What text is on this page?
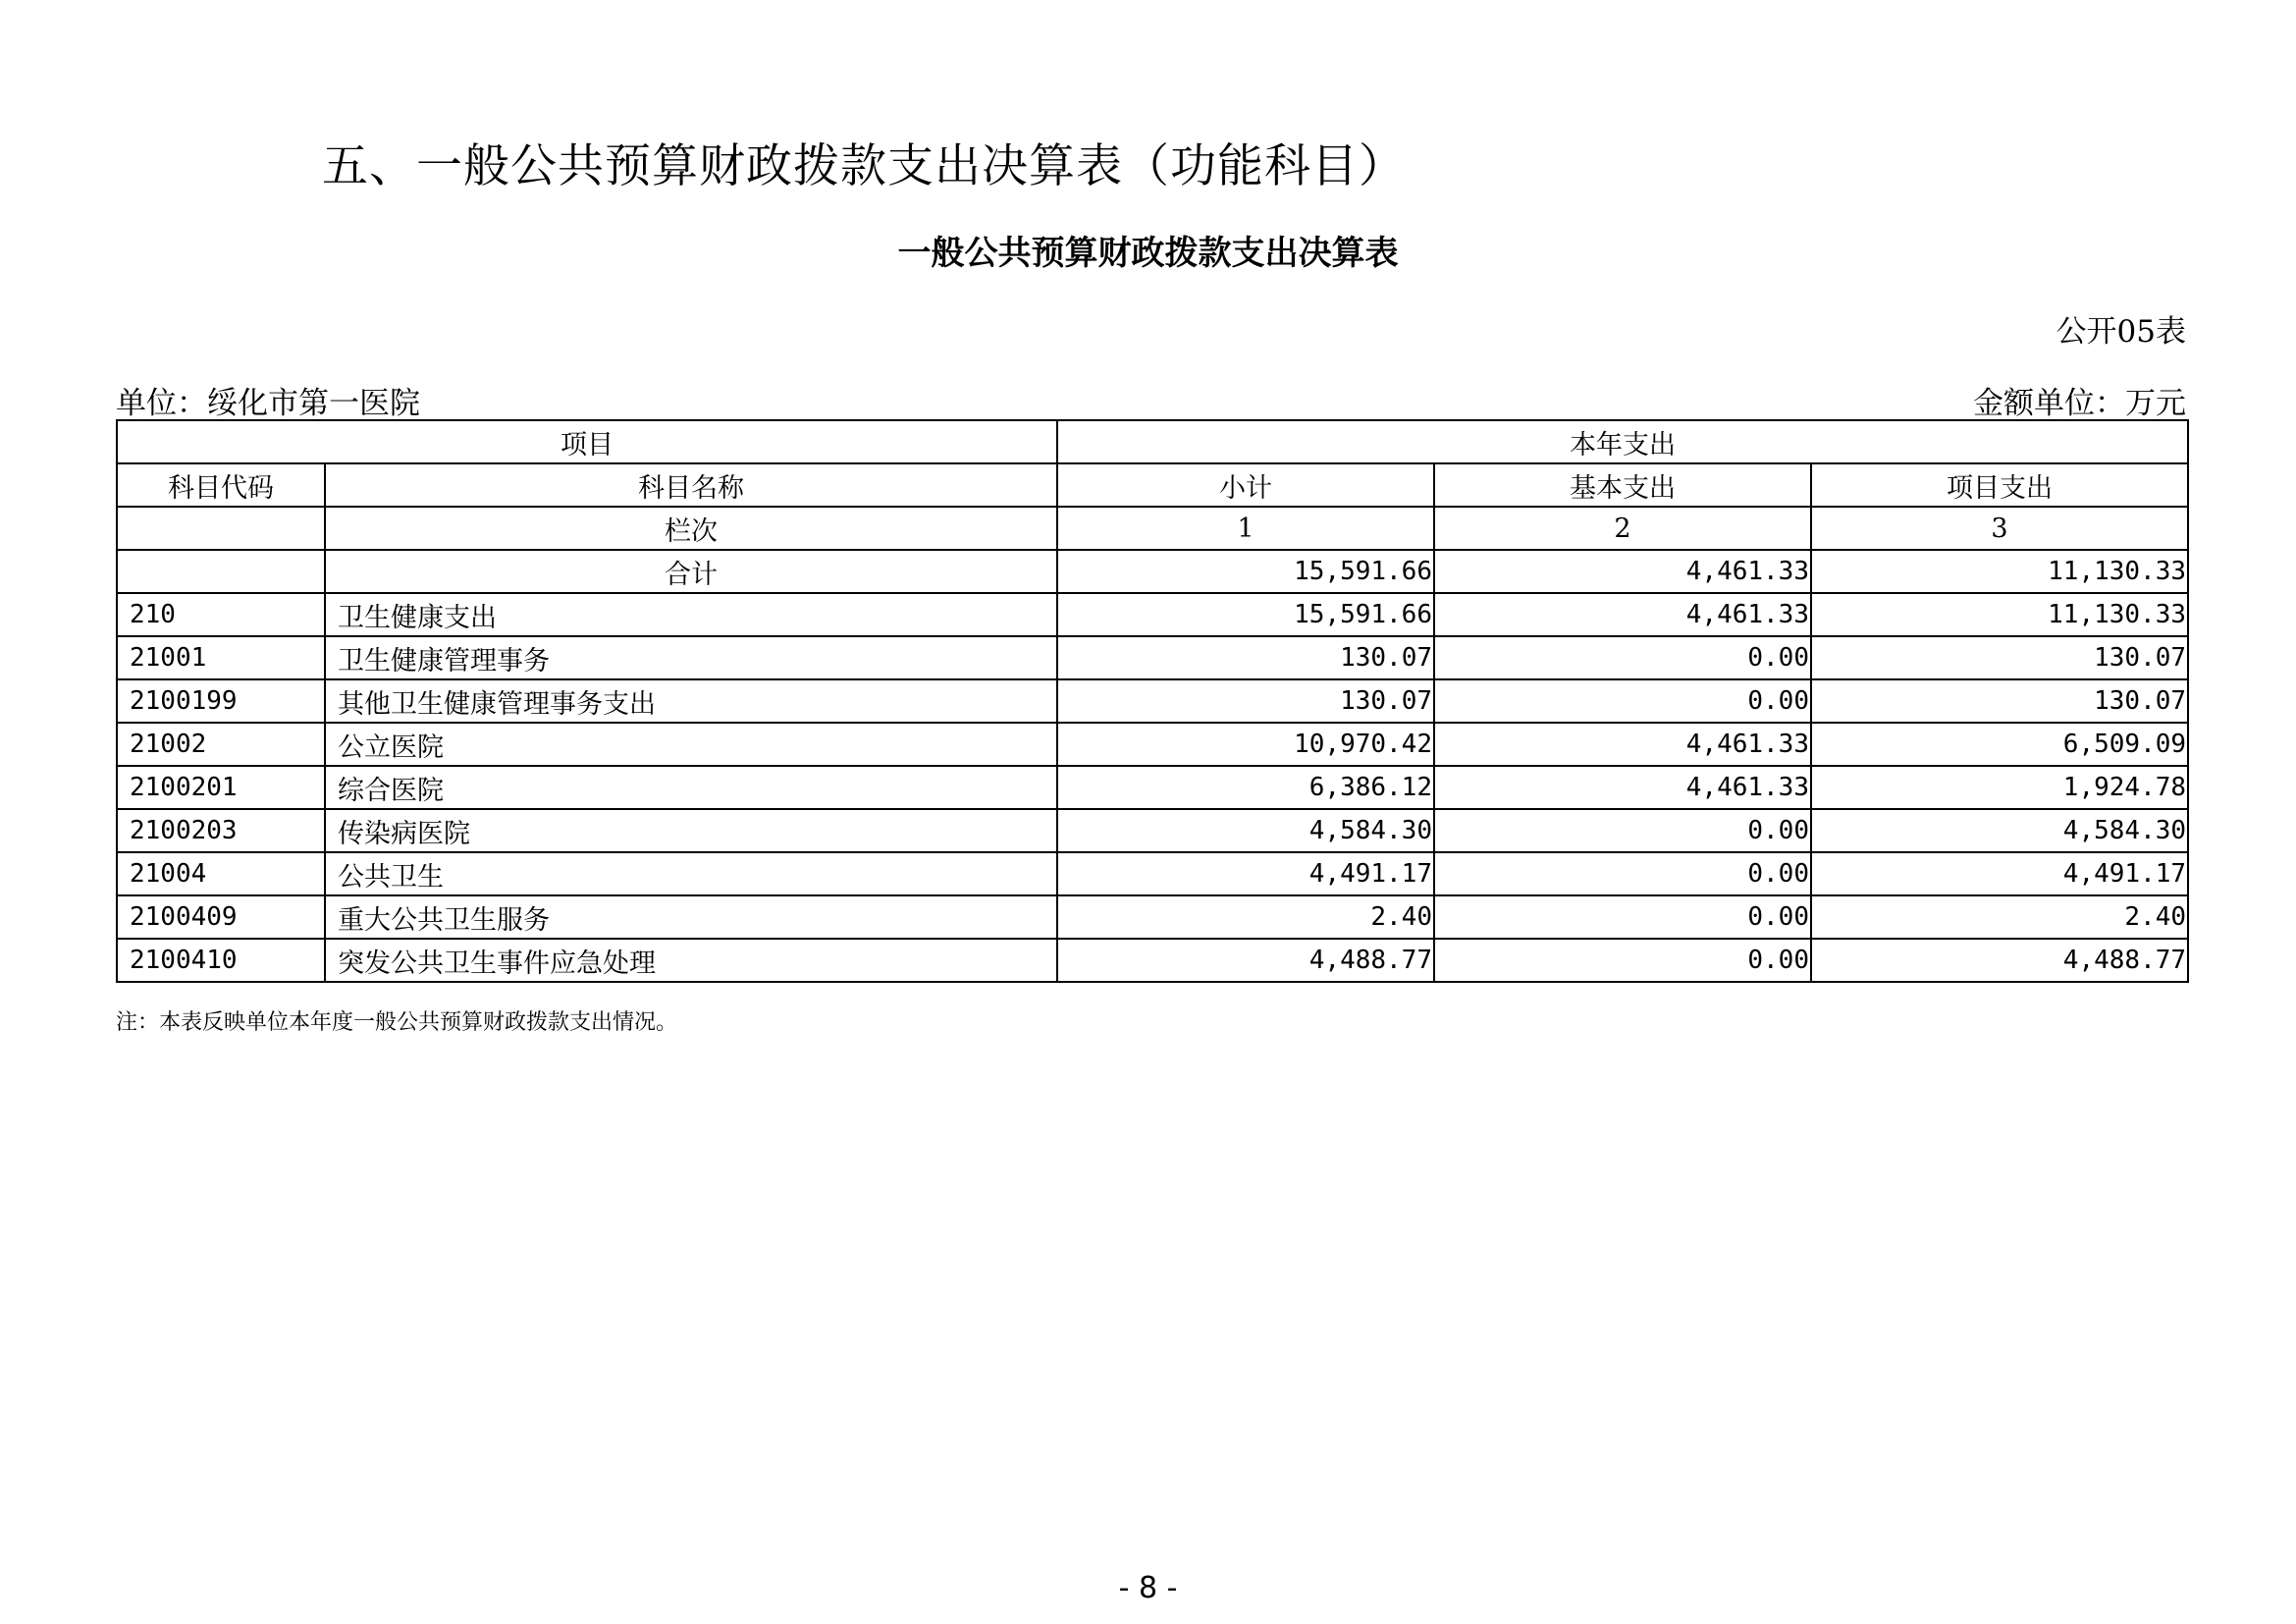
五、一般公共预算财政拨款支出决算表（功能科目）
一般公共预算财政拨款支出决算表
公开05表
单位：绥化市第一医院	金额单位：万元
项目		本年支出		
科目代码	科目名称	小计	基本支出	项目支出
	栏次	1	2	3
	合计	15,591.66	4,461.33	11,130.33
210	卫生健康支出	15,591.66	4,461.33	11,130.33
21001	卫生健康管理事务	130.07	0.00	130.07
2100199	其他卫生健康管理事务支出	130.07	0.00	130.07
21002	公立医院	10,970.42	4,461.33	6,509.09
2100201	综合医院	6,386.12	4,461.33	1,924.78
2100203	传染病医院	4,584.30	0.00	4,584.30
21004	公共卫生	4,491.17	0.00	4,491.17
2100409	重大公共卫生服务	2.40	0.00	2.40
2100410	突发公共卫生事件应急处理	4,488.77	0.00	4,488.77
注：本表反映单位本年度一般公共预算财政拨款支出情况。
- 8 -
